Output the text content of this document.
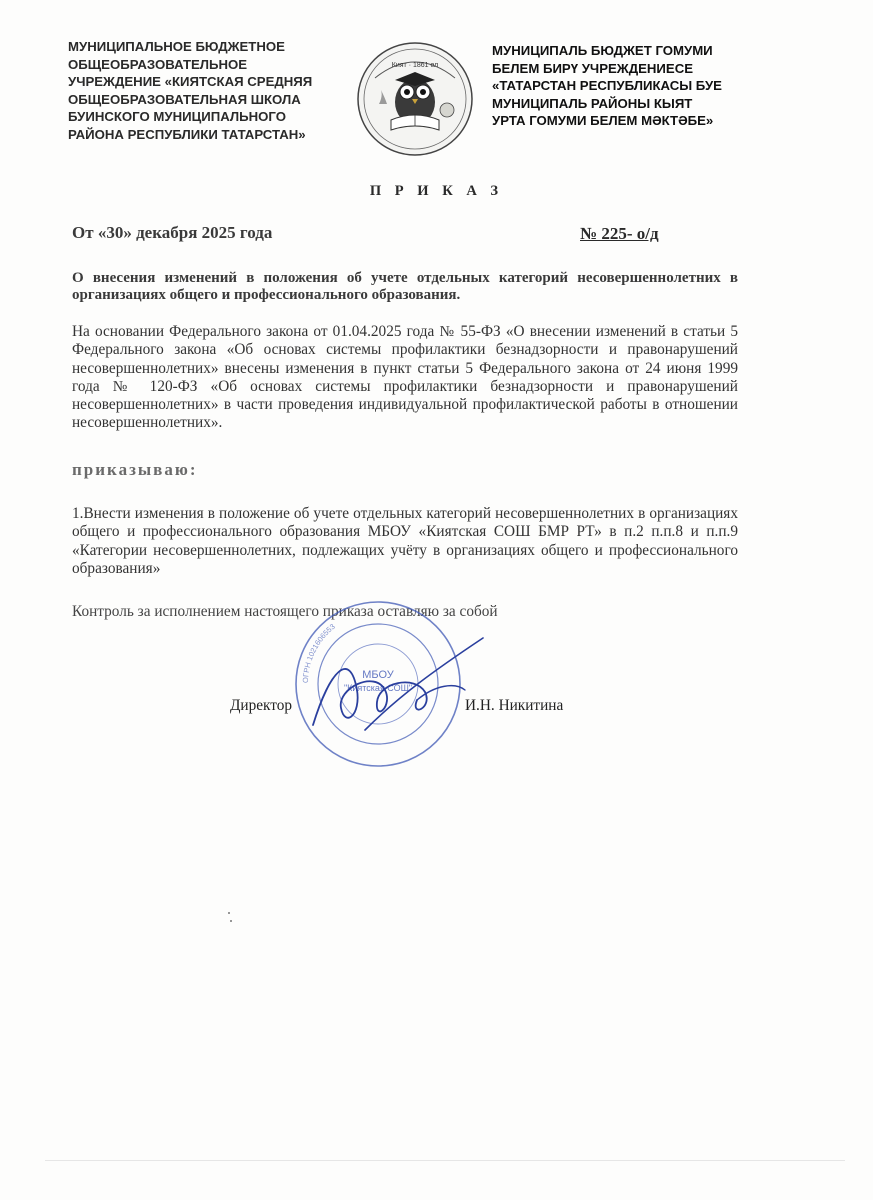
МУНИЦИПАЛЬНОЕ БЮДЖЕТНОЕ
ОБЩЕОБРАЗОВАТЕЛЬНОЕ
УЧРЕЖДЕНИЕ «КИЯТСКАЯ СРЕДНЯЯ
ОБЩЕОБРАЗОВАТЕЛЬНАЯ ШКОЛА
БУИНСКОГО МУНИЦИПАЛЬНОГО
РАЙОНА РЕСПУБЛИКИ ТАТАРСТАН»
Кият · 1861 ел
МУНИЦИПАЛЬ БЮДЖЕТ ГОМУМИ
БЕЛЕМ БИРҮ УЧРЕЖДЕНИЕСЕ
«ТАТАРСТАН РЕСПУБЛИКАСЫ БУЕ
МУНИЦИПАЛЬ РАЙОНЫ КЫЯТ
УРТА ГОМУМИ БЕЛЕМ МӘКТӘБЕ»
П Р И К А З
От «30» декабря 2025 года	№ 225- о/д
О внесения изменений в положения об учете отдельных категорий несовершеннолетних в организациях общего и профессионального образования.
На основании Федерального закона от 01.04.2025 года № 55-ФЗ «О внесении изменений в статьи 5 Федерального закона «Об основах системы профилактики безнадзорности и правонарушений несовершеннолетних» внесены изменения в пункт статьи 5 Федерального закона от 24 июня 1999 года № 120-ФЗ «Об основах системы профилактики безнадзорности и правонарушений несовершеннолетних» в части проведения индивидуальной профилактической работы в отношении несовершеннолетних».
приказываю:
1.Внести изменения в положение об учете отдельных категорий несовершеннолетних в организациях общего и профессионального образования МБОУ «Киятская СОШ БМР РТ» в п.2 п.п.8 и п.п.9 «Категории несовершеннолетних, подлежащих учёту в организациях общего и профессионального образования»
Контроль за исполнением настоящего приказа оставляю за собой
ОГРН 1021606553
МБОУ
"Киятская СОШ"
Директор	И.Н. Никитина
